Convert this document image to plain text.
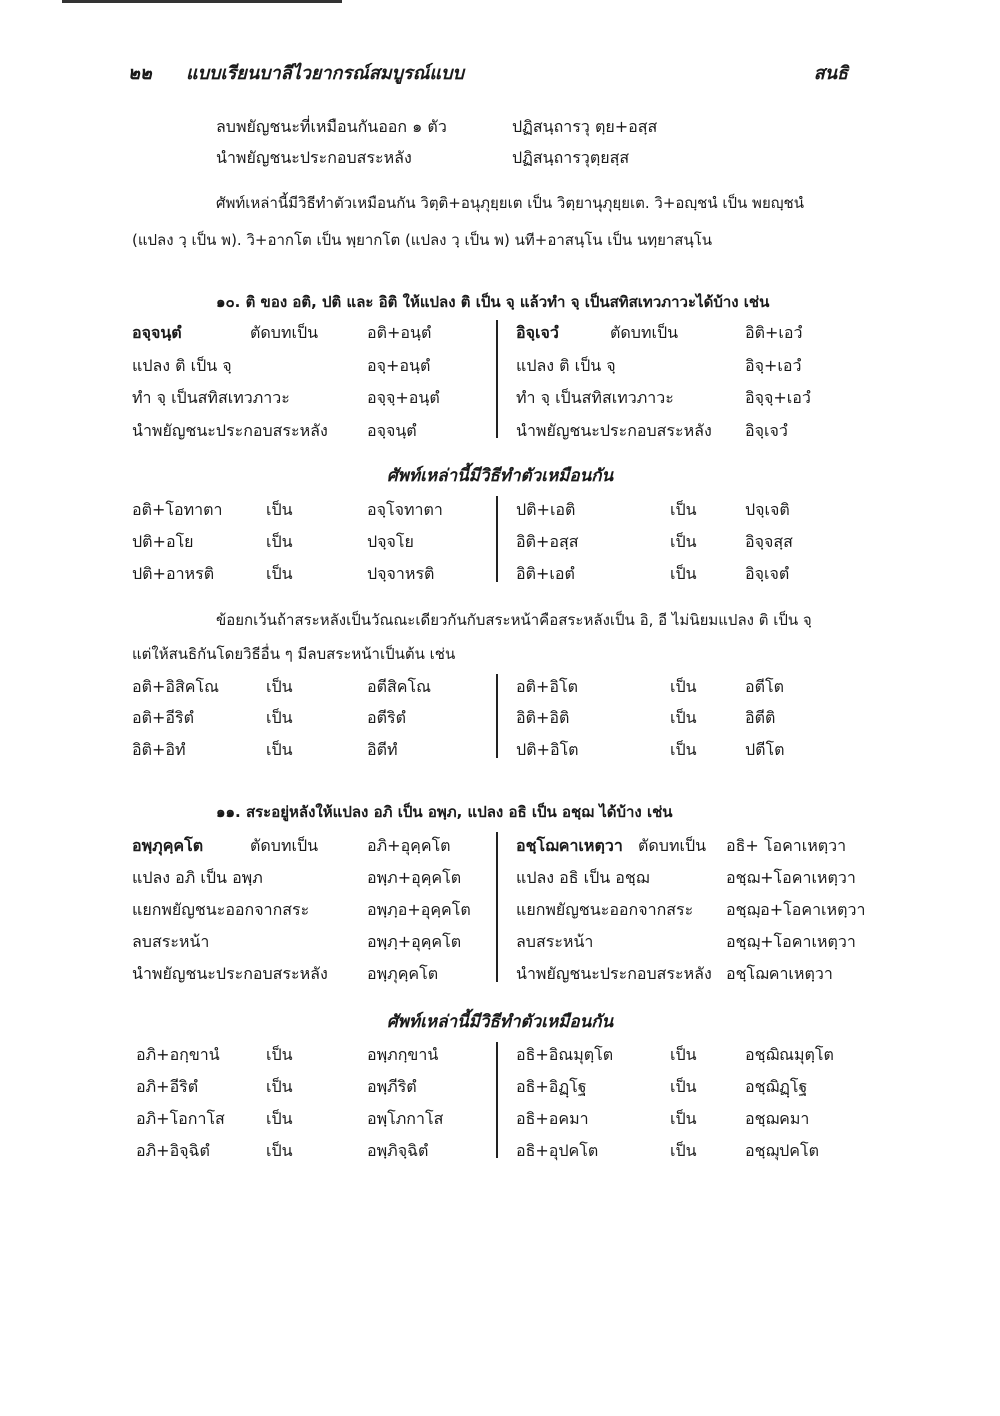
๒๒ แบบเรียนบาลีไวยากรณ์สมบูรณ์แบบ	สนธิ
ลบพยัญชนะที่เหมือนกันออก ๑ ตัว	ปฏิสนฺถารวุ ตฺย+อสฺส
นำพยัญชนะประกอบสระหลัง	ปฏิสนฺถารวุตฺยสฺส
ศัพท์เหล่านี้มีวิธีทำตัวเหมือนกัน วิตฺติ+อนุภุยฺยเต เป็น วิตฺยานุภุยฺยเต. วิ+อญฺชนํ เป็น พยญฺชนํ
(แปลง วฺ เป็น พ). วิ+อากโต เป็น พฺยากโต (แปลง วฺ เป็น พ) นที+อาสนฺโน เป็น นทฺยาสนฺโน
๑๐. ติ ของ อติ, ปติ และ อิติ ให้แปลง ติ เป็น จฺ แล้วทำ จฺ เป็นสทิสเทวภาวะได้บ้าง เช่น
อจฺจนฺตํ	ตัดบทเป็น	อติ+อนฺตํ
แปลง ติ เป็น จฺ	อจฺ+อนฺตํ
ทำ จฺ เป็นสทิสเทวภาวะ	อจฺจฺ+อนฺตํ
นำพยัญชนะประกอบสระหลัง อจฺจนฺตํ
อิจฺเจวํ	ตัดบทเป็น	อิติ+เอวํ
แปลง ติ เป็น จฺ	อิจฺ+เอวํ
ทำ จฺ เป็นสทิสเทวภาวะ	อิจฺจฺ+เอวํ
นำพยัญชนะประกอบสระหลัง อิจฺเจวํ
ศัพท์เหล่านี้มีวิธีทำตัวเหมือนกัน
อติ+โอทาตา	เป็น	อจฺโจทาตา	ปติ+เอติ	เป็น	ปจฺเจติ
ปติ+อโย	เป็น	ปจฺจโย	อิติ+อสฺส	เป็น	อิจฺจสฺส
ปติ+อาหรติ	เป็น	ปจฺจาหรติ	อิติ+เอตํ	เป็น	อิจฺเจตํ
ข้อยกเว้นถ้าสระหลังเป็นวัณณะเดียวกันกับสระหน้าคือสระหลังเป็น อิ, อี ไม่นิยมแปลง ติ เป็น จฺ
แต่ให้สนธิกันโดยวิธีอื่น ๆ มีลบสระหน้าเป็นต้น เช่น
อติ+อิสิคโณ	เป็น	อตีสิคโณ	อติ+อิโต	เป็น	อตีโต
อติ+อีริตํ	เป็น	อตีริตํ	อิติ+อิติ	เป็น	อิตีติ
อิติ+อิทํ	เป็น	อิตีทํ	ปติ+อิโต	เป็น	ปตีโต
๑๑. สระอยู่หลังให้แปลง อภิ เป็น อพฺภ, แปลง อธิ เป็น อชฺฌ ได้บ้าง เช่น
อพฺภุคฺคโต	ตัดบทเป็น	อภิ+อุคฺคโต
แปลง อภิ เป็น อพฺภ	อพฺภ+อุคฺคโต
แยกพยัญชนะออกจากสระ	อพฺภฺอ+อุคฺคโต
ลบสระหน้า	อพฺภฺ+อุคฺคโต
นำพยัญชนะประกอบสระหลัง อพฺภุคฺคโต
อชฺโฌคาเหตฺวา ตัดบทเป็น อธิ+ โอคาเหตฺวา
แปลง อธิ เป็น อชฺฌ	อชฺฌ+โอคาเหตฺวา
แยกพยัญชนะออกจากสระ อชฺฌฺอ+โอคาเหตฺวา
ลบสระหน้า	อชฺฌฺ+โอคาเหตฺวา
นำพยัญชนะประกอบสระหลัง อชฺโฌคาเหตฺวา
ศัพท์เหล่านี้มีวิธีทำตัวเหมือนกัน
อภิ+อกฺขานํ	เป็น	อพฺภกฺขานํ	อธิ+อิณมุตฺโต	เป็น	อชฺฌิณมุตฺโต
อภิ+อีริตํ	เป็น	อพฺภีริตํ	อธิ+อิฏฺโฐ	เป็น	อชฺฌิฏฺโฐ
อภิ+โอกาโส	เป็น	อพฺโภกาโส	อธิ+อคมา	เป็น	อชฺฌคมา
อภิ+อิจฺฉิตํ	เป็น	อพฺภิจฺฉิตํ	อธิ+อุปคโต	เป็น	อชฺฌุปคโต
